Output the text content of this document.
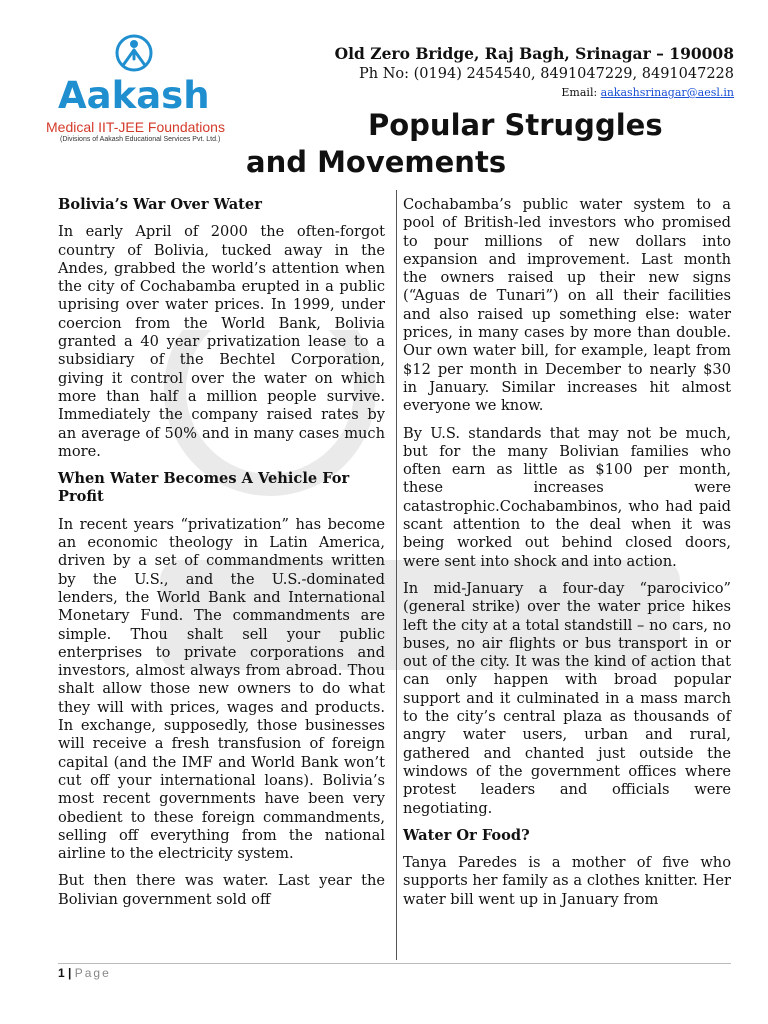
Aakash
Medical IIT-JEE Foundations
(Divisions of Aakash Educational Services Pvt. Ltd.)
Old Zero Bridge, Raj Bagh, Srinagar – 190008
Ph No: (0194) 2454540, 8491047229, 8491047228
Email: aakashsrinagar@aesl.in
Popular Struggles
and Movements
Bolivia’s War Over Water

In early April of 2000 the often-forgot country of Bolivia, tucked away in the Andes, grabbed the world’s attention when the city of Cochabamba erupted in a public uprising over water prices. In 1999, under coercion from the World Bank, Bolivia granted a 40 year privatization lease to a subsidiary of the Bechtel Corporation, giving it control over the water on which more than half a million people survive. Immediately the company raised rates by an average of 50% and in many cases much more.

When Water Becomes A Vehicle For Profit

In recent years “privatization” has become an economic theology in Latin America, driven by a set of commandments written by the U.S., and the U.S.-dominated lenders, the World Bank and International Monetary Fund. The commandments are simple. Thou shalt sell your public enterprises to private corporations and investors, almost always from abroad. Thou shalt allow those new owners to do what they will with prices, wages and products. In exchange, supposedly, those businesses will receive a fresh transfusion of foreign capital (and the IMF and World Bank won’t cut off your international loans). Bolivia’s most recent governments have been very obedient to these foreign commandments, selling off everything from the national airline to the electricity system.

But then there was water. Last year the Bolivian government sold off

Cochabamba’s public water system to a pool of British-led investors who promised to pour millions of new dollars into expansion and improvement. Last month the owners raised up their new signs (“Aguas de Tunari”) on all their facilities and also raised up something else: water prices, in many cases by more than double. Our own water bill, for example, leapt from $12 per month in December to nearly $30 in January. Similar increases hit almost everyone we know.

By U.S. standards that may not be much, but for the many Bolivian families who often earn as little as $100 per month, these increases were catastrophic.Cochabambinos, who had paid scant attention to the deal when it was being worked out behind closed doors, were sent into shock and into action.

In mid-January a four-day “parocivico” (general strike) over the water price hikes left the city at a total standstill – no cars, no buses, no air flights or bus transport in or out of the city. It was the kind of action that can only happen with broad popular support and it culminated in a mass march to the city’s central plaza as thousands of angry water users, urban and rural, gathered and chanted just outside the windows of the government offices where protest leaders and officials were negotiating.

Water Or Food?

Tanya Paredes is a mother of five who supports her family as a clothes knitter. Her water bill went up in January from

1 | Page
